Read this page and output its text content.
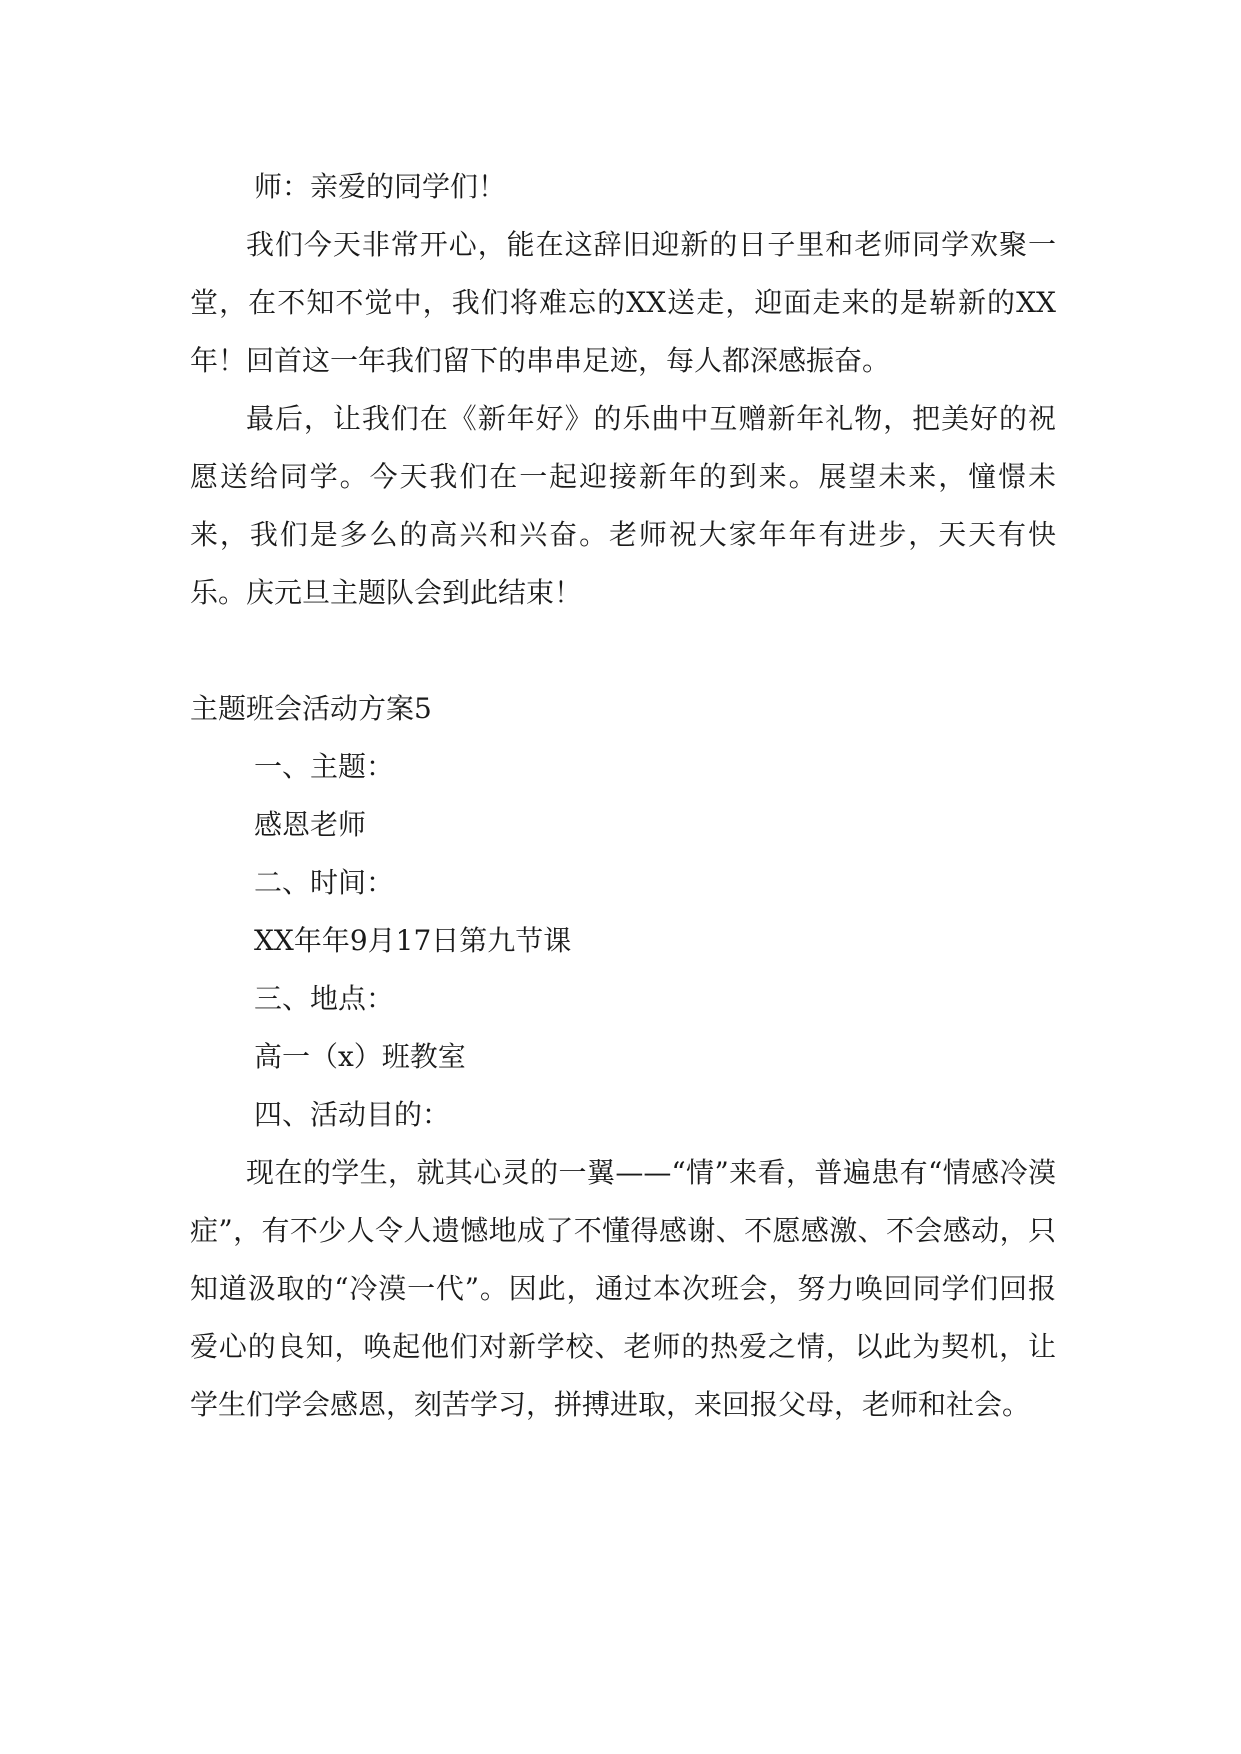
师：亲爱的同学们！

我们今天非常开心，能在这辞旧迎新的日子里和老师同学欢聚一堂，在不知不觉中，我们将难忘的XX送走，迎面走来的是崭新的XX年！回首这一年我们留下的串串足迹，每人都深感振奋。

最后，让我们在《新年好》的乐曲中互赠新年礼物，把美好的祝愿送给同学。今天我们在一起迎接新年的到来。展望未来，憧憬未来，我们是多么的高兴和兴奋。老师祝大家年年有进步，天天有快乐。庆元旦主题队会到此结束！

主题班会活动方案5
一、主题：
感恩老师
二、时间：
XX年年9月17日第九节课
三、地点：
高一（x）班教室
四、活动目的：

现在的学生，就其心灵的一翼——“情”来看，普遍患有“情感冷漠症”，有不少人令人遗憾地成了不懂得感谢、不愿感激、不会感动，只知道汲取的“冷漠一代”。因此，通过本次班会，努力唤回同学们回报爱心的良知，唤起他们对新学校、老师的热爱之情，以此为契机，让学生们学会感恩，刻苦学习，拼搏进取，来回报父母，老师和社会。
